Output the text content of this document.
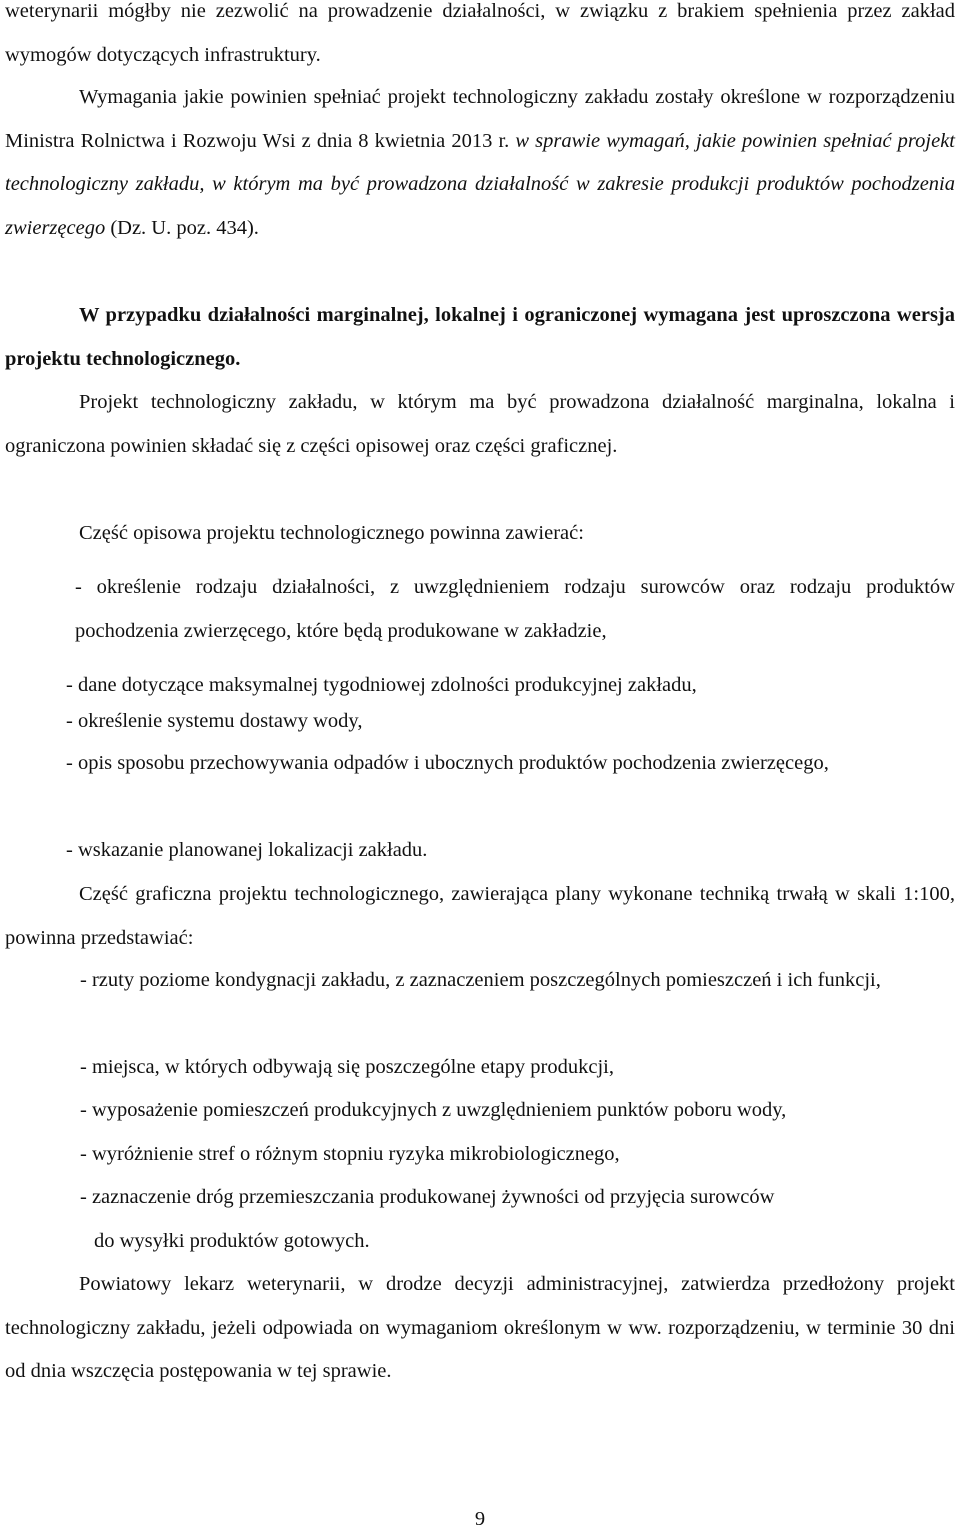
weterynarii mógłby nie zezwolić na prowadzenie działalności, w związku z brakiem spełnienia przez zakład wymogów dotyczących infrastruktury.

Wymagania jakie powinien spełniać projekt technologiczny zakładu zostały określone w rozporządzeniu Ministra Rolnictwa i Rozwoju Wsi z dnia 8 kwietnia 2013 r. w sprawie wymagań, jakie powinien spełniać projekt technologiczny zakładu, w którym ma być prowadzona działalność w zakresie produkcji produktów pochodzenia zwierzęcego (Dz. U. poz. 434).

W przypadku działalności marginalnej, lokalnej i ograniczonej wymagana jest uproszczona wersja projektu technologicznego.

Projekt technologiczny zakładu, w którym ma być prowadzona działalność marginalna, lokalna i ograniczona powinien składać się z części opisowej oraz części graficznej.

Część opisowa projektu technologicznego powinna zawierać:

- określenie rodzaju działalności, z uwzględnieniem rodzaju surowców oraz rodzaju produktów pochodzenia zwierzęcego, które będą produkowane w zakładzie,

- dane dotyczące maksymalnej tygodniowej zdolności produkcyjnej zakładu,

- określenie systemu dostawy wody,

- opis sposobu przechowywania odpadów i ubocznych produktów pochodzenia zwierzęcego,

- wskazanie planowanej lokalizacji zakładu.

Część graficzna projektu technologicznego, zawierająca plany wykonane techniką trwałą w skali 1:100, powinna przedstawiać:

- rzuty poziome kondygnacji zakładu, z zaznaczeniem poszczególnych pomieszczeń i ich funkcji,

- miejsca, w których odbywają się poszczególne etapy produkcji,

- wyposażenie pomieszczeń produkcyjnych z uwzględnieniem punktów poboru wody,

- wyróżnienie stref o różnym stopniu ryzyka mikrobiologicznego,

- zaznaczenie dróg przemieszczania produkowanej żywności od przyjęcia surowców

do wysyłki produktów gotowych.

Powiatowy lekarz weterynarii, w drodze decyzji administracyjnej, zatwierdza przedłożony projekt technologiczny zakładu, jeżeli odpowiada on wymaganiom określonym w ww. rozporządzeniu, w terminie 30 dni od dnia wszczęcia postępowania w tej sprawie.

9
